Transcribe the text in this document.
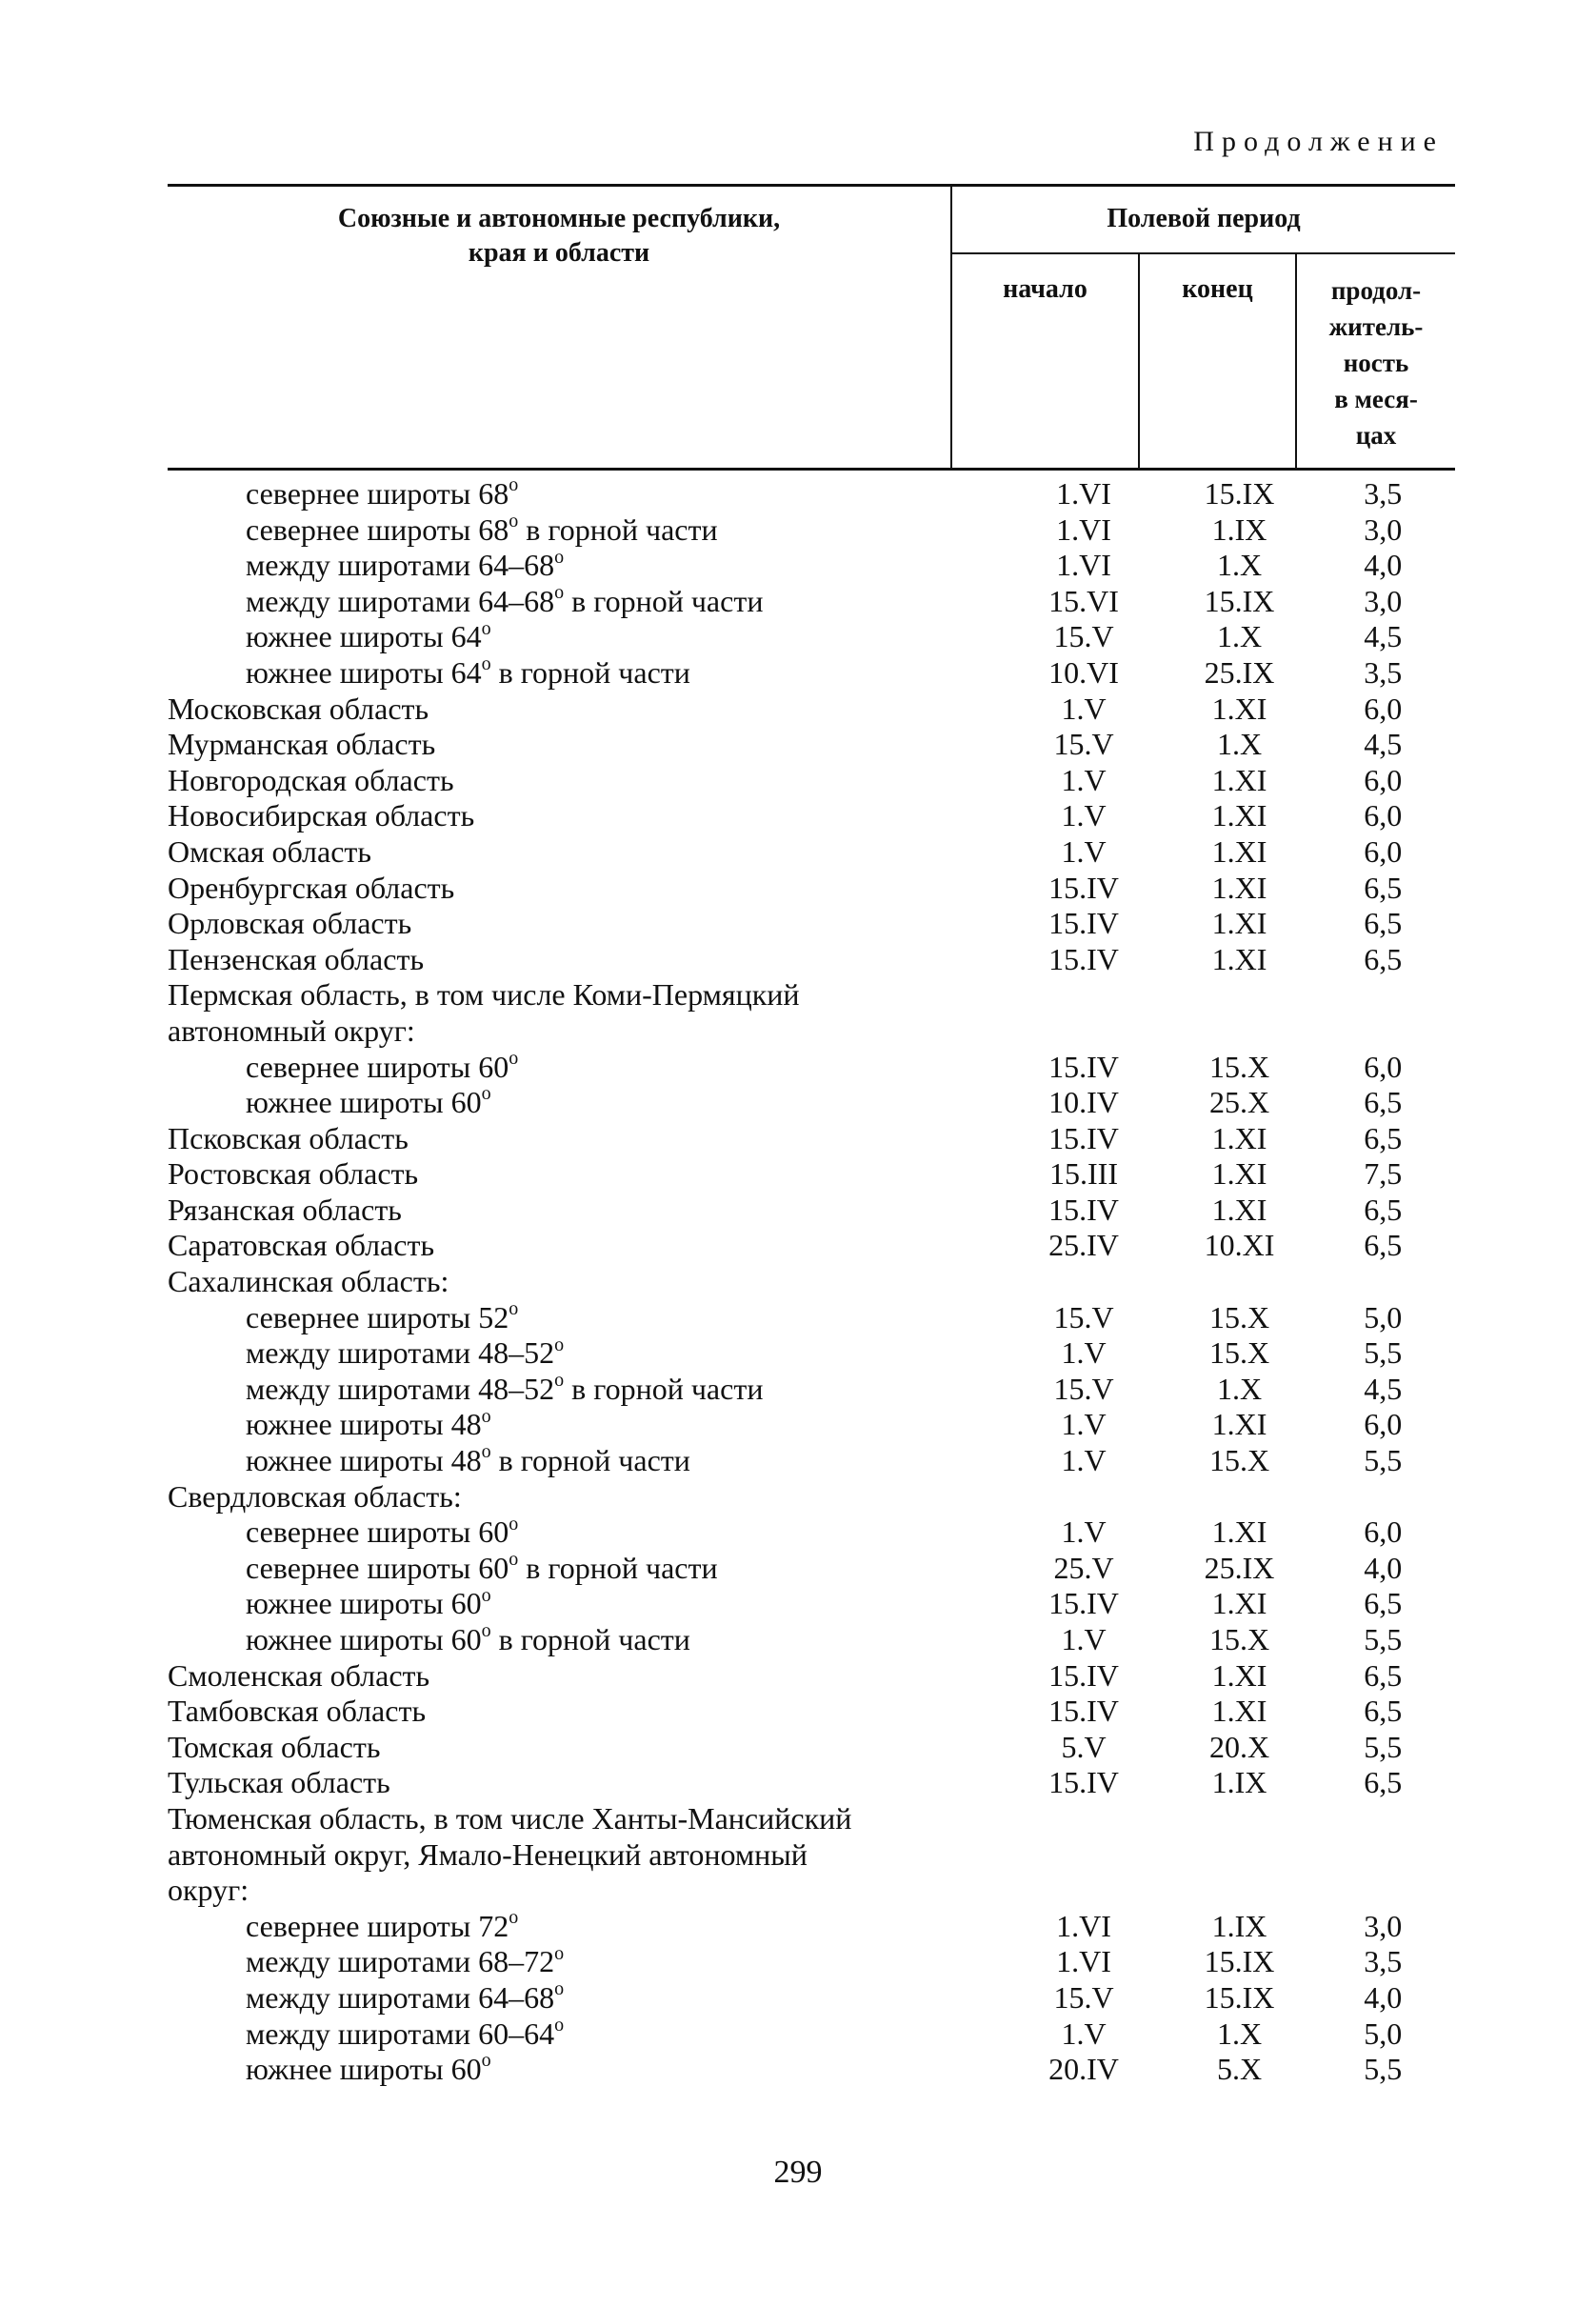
Продолжение
Союзные и автономные республики,
края и области
Полевой период
начало	конец	продол-
житель-
ность
в меся-
цах
севернее широты $68^о$	1.VI	15.IX	3,5
севернее широты $68^о$ в горной части	1.VI	1.IX	3,0
между широтами $64-68^о$	1.VI	1.X	4,0
между широтами $64-68^о$ в горной части	15.VI	15.IX	3,0
южнее широты $64^о$	15.V	1.X	4,5
южнее широты $64^о$ в горной части	10.VI	25.IX	3,5
Московская область	1.V	1.XI	6,0
Мурманская область	15.V	1.X	4,5
Новгородская область	1.V	1.XI	6,0
Новосибирская область	1.V	1.XI	6,0
Омская область	1.V	1.XI	6,0
Оренбургская область	15.IV	1.XI	6,5
Орловская область	15.IV	1.XI	6,5
Пензенская область	15.IV	1.XI	6,5
Пермская область, в том числе Коми-Пермяцкий			
автономный округ:			
севернее широты $60^о$	15.IV	15.X	6,0
южнее широты $60^о$	10.IV	25.X	6,5
Псковская область	15.IV	1.XI	6,5
Ростовская область	15.III	1.XI	7,5
Рязанская область	15.IV	1.XI	6,5
Саратовская область	25.IV	10.XI	6,5
Сахалинская область:			
севернее широты $52^о$	15.V	15.X	5,0
между широтами $48-52^о$	1.V	15.X	5,5
между широтами $48-52^о$ в горной части	15.V	1.X	4,5
южнее широты $48^о$	1.V	1.XI	6,0
южнее широты $48^о$ в горной части	1.V	15.X	5,5
Свердловская область:			
севернее широты $60^о$	1.V	1.XI	6,0
севернее широты $60^о$ в горной части	25.V	25.IX	4,0
южнее широты $60^о$	15.IV	1.XI	6,5
южнее широты $60^о$ в горной части	1.V	15.X	5,5
Смоленская область	15.IV	1.XI	6,5
Тамбовская область	15.IV	1.XI	6,5
Томская область	5.V	20.X	5,5
Тульская область	15.IV	1.IX	6,5
Тюменская область, в том числе Ханты-Мансийский			
автономный округ, Ямало-Ненецкий автономный			
округ:			
севернее широты $72^о$	1.VI	1.IX	3,0
между широтами $68-72^о$	1.VI	15.IX	3,5
между широтами $64-68^о$	15.V	15.IX	4,0
между широтами $60-64^о$	1.V	1.X	5,0
южнее широты $60^о$	20.IV	5.X	5,5
299
